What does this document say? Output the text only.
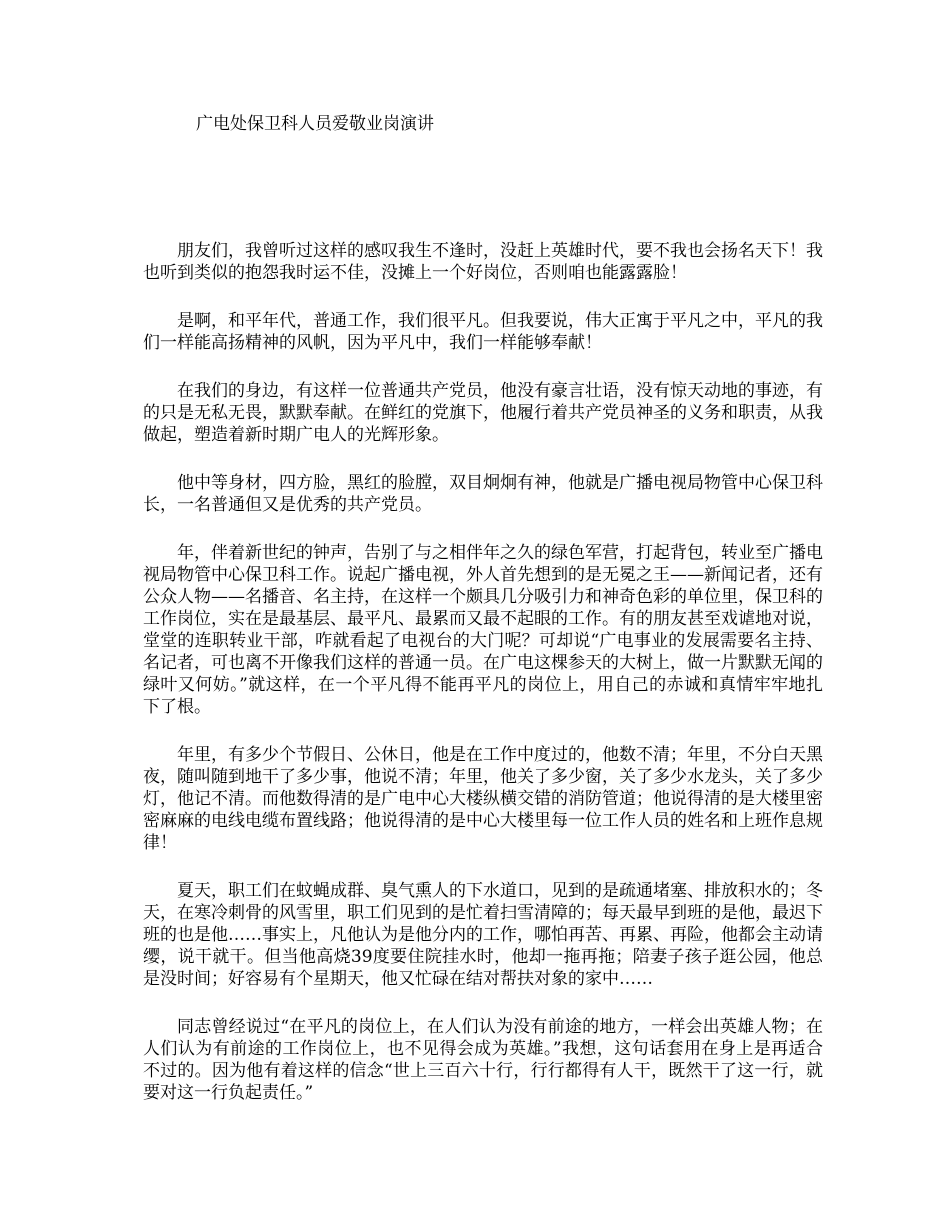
广电处保卫科人员爱敬业岗演讲

朋友们，我曾听过这样的感叹我生不逢时，没赶上英雄时代，要不我也会扬名天下！我也听到类似的抱怨我时运不佳，没摊上一个好岗位，否则咱也能露露脸！

是啊，和平年代，普通工作，我们很平凡。但我要说，伟大正寓于平凡之中，平凡的我们一样能高扬精神的风帆，因为平凡中，我们一样能够奉献！

在我们的身边，有这样一位普通共产党员，他没有豪言壮语，没有惊天动地的事迹，有的只是无私无畏，默默奉献。在鲜红的党旗下，他履行着共产党员神圣的义务和职责，从我做起，塑造着新时期广电人的光辉形象。

他中等身材，四方脸，黑红的脸膛，双目炯炯有神，他就是广播电视局物管中心保卫科长，一名普通但又是优秀的共产党员。

年，伴着新世纪的钟声，告别了与之相伴年之久的绿色军营，打起背包，转业至广播电视局物管中心保卫科工作。说起广播电视，外人首先想到的是无冕之王——新闻记者，还有公众人物——名播音、名主持，在这样一个颇具几分吸引力和神奇色彩的单位里，保卫科的工作岗位，实在是最基层、最平凡、最累而又最不起眼的工作。有的朋友甚至戏谑地对说，堂堂的连职转业干部，咋就看起了电视台的大门呢？可却说“广电事业的发展需要名主持、名记者，可也离不开像我们这样的普通一员。在广电这棵参天的大树上，做一片默默无闻的绿叶又何妨。”就这样，在一个平凡得不能再平凡的岗位上，用自己的赤诚和真情牢牢地扎下了根。

年里，有多少个节假日、公休日，他是在工作中度过的，他数不清；年里，不分白天黑夜，随叫随到地干了多少事，他说不清；年里，他关了多少窗，关了多少水龙头，关了多少灯，他记不清。而他数得清的是广电中心大楼纵横交错的消防管道；他说得清的是大楼里密密麻麻的电线电缆布置线路；他说得清的是中心大楼里每一位工作人员的姓名和上班作息规律！

夏天，职工们在蚊蝇成群、臭气熏人的下水道口，见到的是疏通堵塞、排放积水的；冬天，在寒冷刺骨的风雪里，职工们见到的是忙着扫雪清障的；每天最早到班的是他，最迟下班的也是他……事实上，凡他认为是他分内的工作，哪怕再苦、再累、再险，他都会主动请缨，说干就干。但当他高烧39度要住院挂水时，他却一拖再拖；陪妻子孩子逛公园，他总是没时间；好容易有个星期天，他又忙碌在结对帮扶对象的家中……

同志曾经说过“在平凡的岗位上，在人们认为没有前途的地方，一样会出英雄人物；在人们认为有前途的工作岗位上，也不见得会成为英雄。”我想，这句话套用在身上是再适合不过的。因为他有着这样的信念“世上三百六十行，行行都得有人干，既然干了这一行，就要对这一行负起责任。”
